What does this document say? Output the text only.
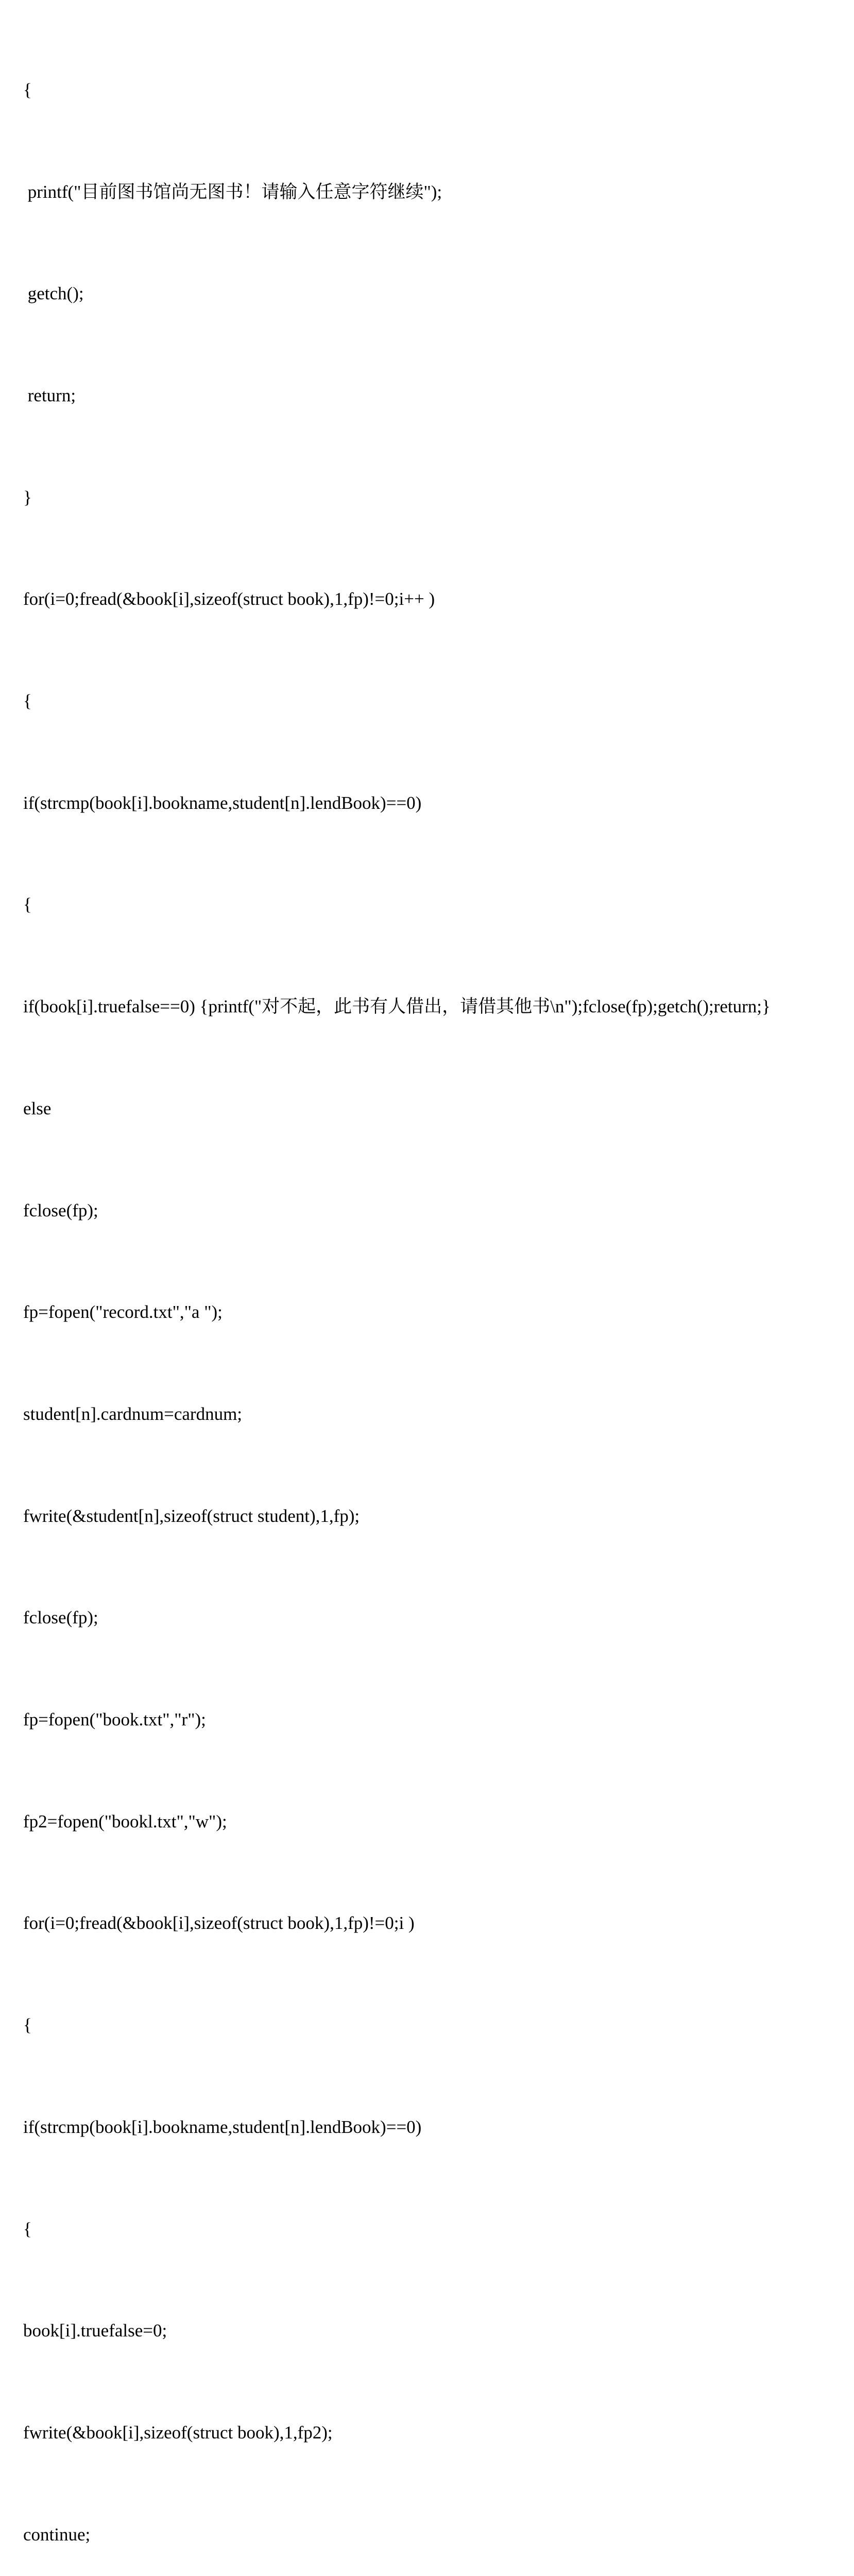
{

printf("目前图书馆尚无图书！请输入任意字符继续");

getch();

return;

}

for(i=0;fread(&book[i],sizeof(struct book),1,fp)!=0;i++ )

{

if(strcmp(book[i].bookname,student[n].lendBook)==0)

{

if(book[i].truefalse==0) {printf("对不起，此书有人借出，请借其他书\n");fclose(fp);getch();return;}

else

fclose(fp);

fp=fopen("record.txt","a ");

student[n].cardnum=cardnum;

fwrite(&student[n],sizeof(struct student),1,fp);

fclose(fp);

fp=fopen("book.txt","r");

fp2=fopen("bookl.txt","w");

for(i=0;fread(&book[i],sizeof(struct book),1,fp)!=0;i )

{

if(strcmp(book[i].bookname,student[n].lendBook)==0)

{

book[i].truefalse=0;

fwrite(&book[i],sizeof(struct book),1,fp2);

continue;
